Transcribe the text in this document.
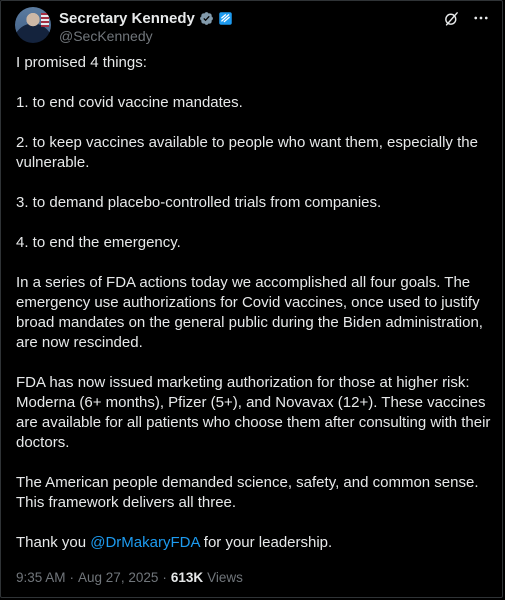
Secretary Kennedy
@SecKennedy

I promised 4 things:

1. to end covid vaccine mandates.

2. to keep vaccines available to people who want them, especially the vulnerable.

3. to demand placebo-controlled trials from companies.

4. to end the emergency.

In a series of FDA actions today we accomplished all four goals. The emergency use authorizations for Covid vaccines, once used to justify broad mandates on the general public during the Biden administration, are now rescinded.

FDA has now issued marketing authorization for those at higher risk: Moderna (6+ months), Pfizer (5+), and Novavax (12+). These vaccines are available for all patients who choose them after consulting with their doctors.

The American people demanded science, safety, and common sense. This framework delivers all three.

Thank you @DrMakaryFDA for your leadership.

9:35 AM · Aug 27, 2025 · 613K Views
